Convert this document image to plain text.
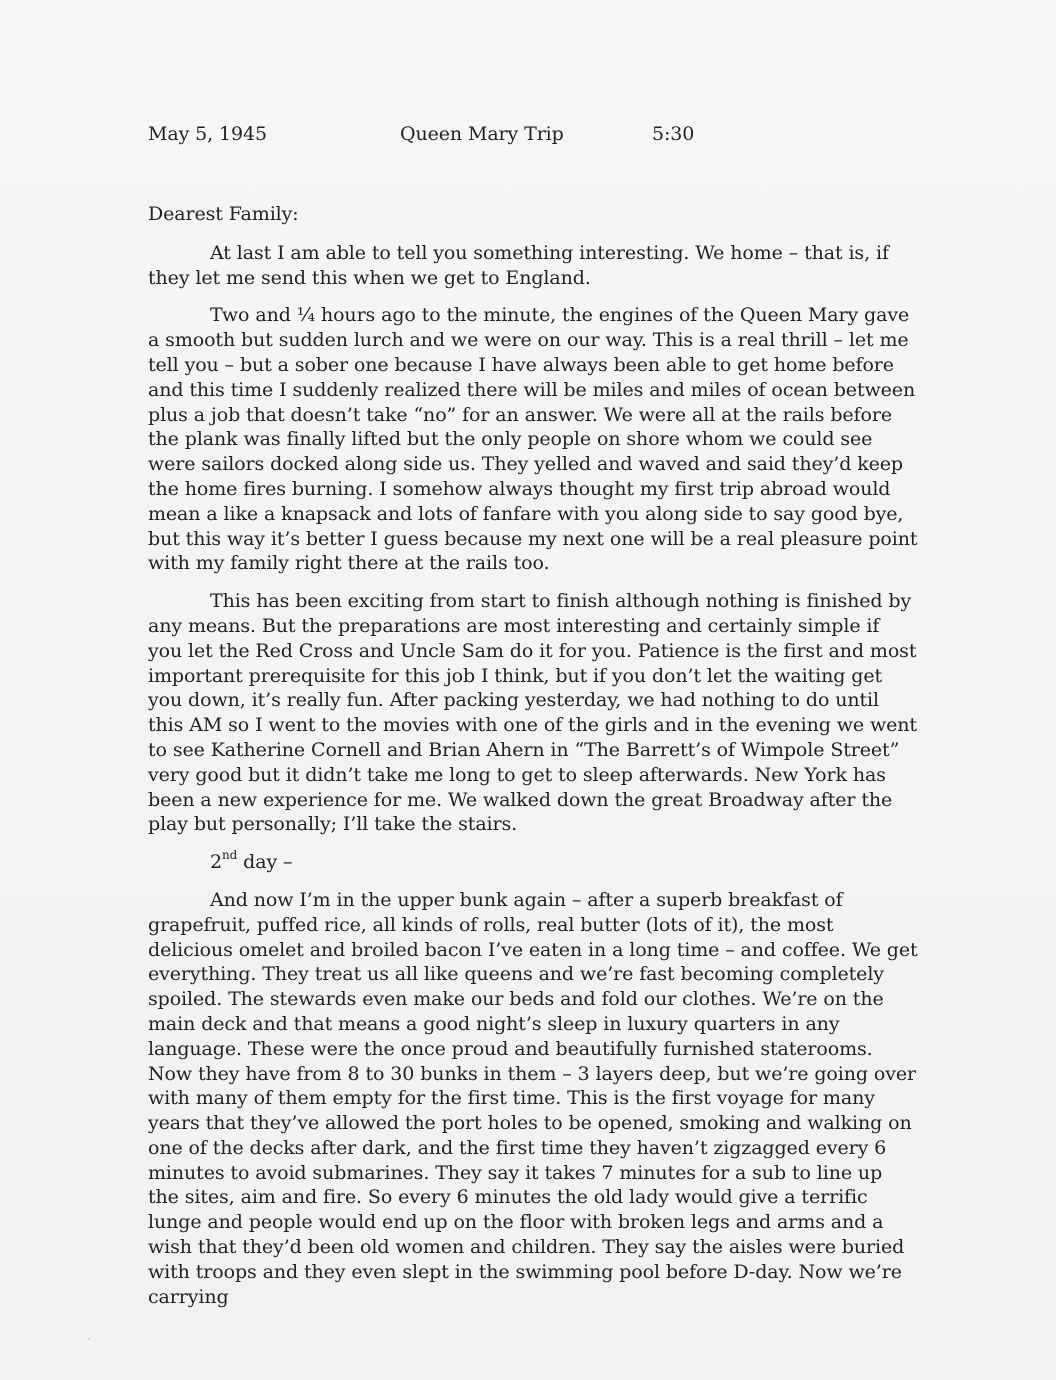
May 5, 1945	Queen Mary Trip	5:30
Dearest Family:

At last I am able to tell you something interesting. We home – that is, if they let me send this when we get to England.

Two and ¼ hours ago to the minute, the engines of the Queen Mary gave a smooth but sudden lurch and we were on our way. This is a real thrill – let me tell you – but a sober one because I have always been able to get home before and this time I suddenly realized there will be miles and miles of ocean between plus a job that doesn’t take “no” for an answer. We were all at the rails before the plank was finally lifted but the only people on shore whom we could see were sailors docked along side us. They yelled and waved and said they’d keep the home fires burning. I somehow always thought my first trip abroad would mean a like a knapsack and lots of fanfare with you along side to say good bye, but this way it’s better I guess because my next one will be a real pleasure point with my family right there at the rails too.

This has been exciting from start to finish although nothing is finished by any means. But the preparations are most interesting and certainly simple if you let the Red Cross and Uncle Sam do it for you. Patience is the first and most important prerequisite for this job I think, but if you don’t let the waiting get you down, it’s really fun. After packing yesterday, we had nothing to do until this AM so I went to the movies with one of the girls and in the evening we went to see Katherine Cornell and Brian Ahern in “The Barrett’s of Wimpole Street” very good but it didn’t take me long to get to sleep afterwards. New York has been a new experience for me. We walked down the great Broadway after the play but personally; I’ll take the stairs.

2nd day –

And now I’m in the upper bunk again – after a superb breakfast of grapefruit, puffed rice, all kinds of rolls, real butter (lots of it), the most delicious omelet and broiled bacon I’ve eaten in a long time – and coffee. We get everything. They treat us all like queens and we’re fast becoming completely spoiled. The stewards even make our beds and fold our clothes. We’re on the main deck and that means a good night’s sleep in luxury quarters in any language. These were the once proud and beautifully furnished staterooms. Now they have from 8 to 30 bunks in them – 3 layers deep, but we’re going over with many of them empty for the first time. This is the first voyage for many years that they’ve allowed the port holes to be opened, smoking and walking on one of the decks after dark, and the first time they haven’t zigzagged every 6 minutes to avoid submarines. They say it takes 7 minutes for a sub to line up the sites, aim and fire. So every 6 minutes the old lady would give a terrific lunge and people would end up on the floor with broken legs and arms and a wish that they’d been old women and children. They say the aisles were buried with troops and they even slept in the swimming pool before D-day. Now we’re carrying
